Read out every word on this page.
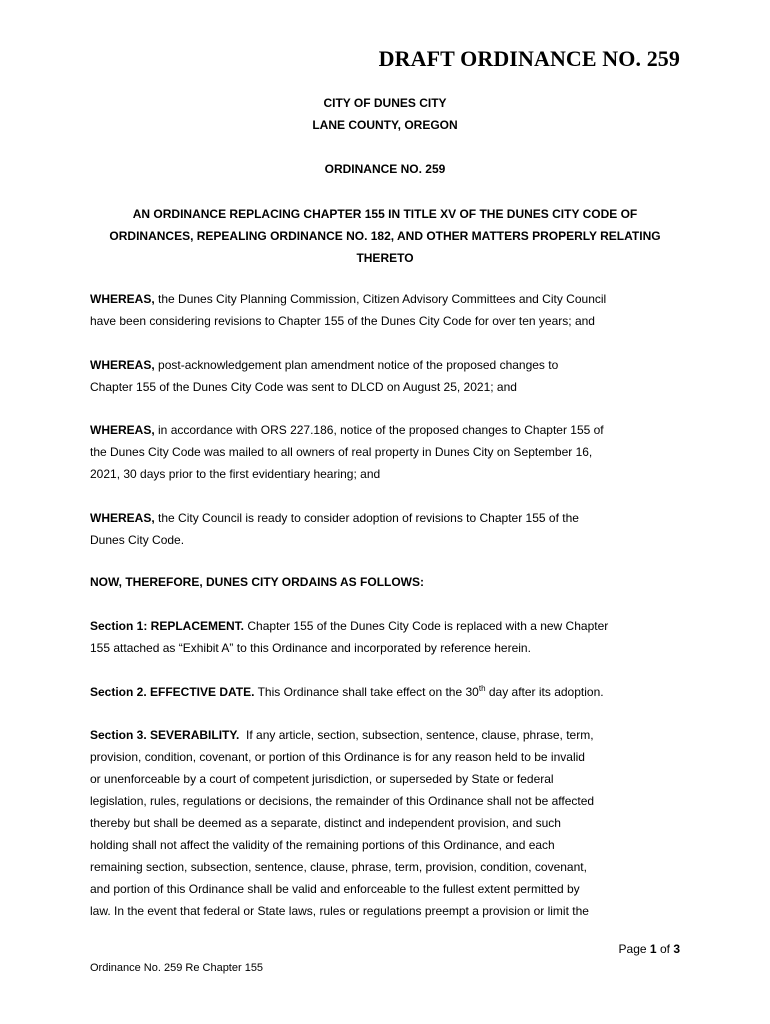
DRAFT ORDINANCE NO. 259
CITY OF DUNES CITY
LANE COUNTY, OREGON
ORDINANCE NO. 259
AN ORDINANCE REPLACING CHAPTER 155 IN TITLE XV OF THE DUNES CITY CODE OF
ORDINANCES, REPEALING ORDINANCE NO. 182, AND OTHER MATTERS PROPERLY RELATING
THERETO
WHEREAS, the Dunes City Planning Commission, Citizen Advisory Committees and City Council
have been considering revisions to Chapter 155 of the Dunes City Code for over ten years; and
WHEREAS, post-acknowledgement plan amendment notice of the proposed changes to
Chapter 155 of the Dunes City Code was sent to DLCD on August 25, 2021; and
WHEREAS, in accordance with ORS 227.186, notice of the proposed changes to Chapter 155 of
the Dunes City Code was mailed to all owners of real property in Dunes City on September 16,
2021, 30 days prior to the first evidentiary hearing; and
WHEREAS, the City Council is ready to consider adoption of revisions to Chapter 155 of the
Dunes City Code.
NOW, THEREFORE, DUNES CITY ORDAINS AS FOLLOWS:
Section 1: REPLACEMENT. Chapter 155 of the Dunes City Code is replaced with a new Chapter
155 attached as “Exhibit A” to this Ordinance and incorporated by reference herein.
Section 2. EFFECTIVE DATE. This Ordinance shall take effect on the 30th day after its adoption.
Section 3. SEVERABILITY. If any article, section, subsection, sentence, clause, phrase, term,
provision, condition, covenant, or portion of this Ordinance is for any reason held to be invalid
or unenforceable by a court of competent jurisdiction, or superseded by State or federal
legislation, rules, regulations or decisions, the remainder of this Ordinance shall not be affected
thereby but shall be deemed as a separate, distinct and independent provision, and such
holding shall not affect the validity of the remaining portions of this Ordinance, and each
remaining section, subsection, sentence, clause, phrase, term, provision, condition, covenant,
and portion of this Ordinance shall be valid and enforceable to the fullest extent permitted by
law. In the event that federal or State laws, rules or regulations preempt a provision or limit the
Page 1 of 3
Ordinance No. 259 Re Chapter 155
